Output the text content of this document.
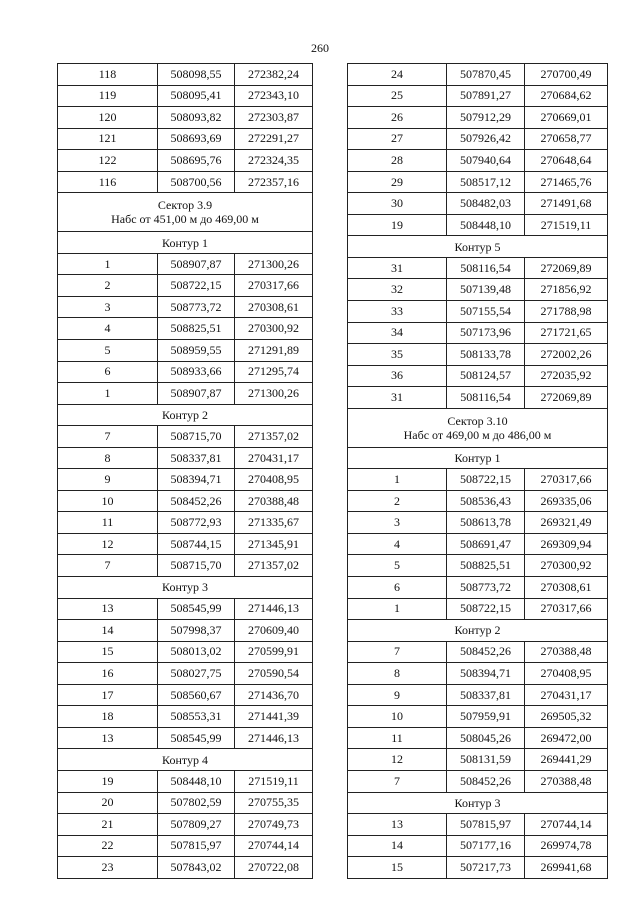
260
118	508098,55	272382,24
119	508095,41	272343,10
120	508093,82	272303,87
121	508693,69	272291,27
122	508695,76	272324,35
116	508700,56	272357,16

Сектор 3.9
Набс от 451,00 м до 469,00 м		

Контур 1		
1	508907,87	271300,26
2	508722,15	270317,66
3	508773,72	270308,61
4	508825,51	270300,92
5	508959,55	271291,89
6	508933,66	271295,74
1	508907,87	271300,26
Контур 2		
7	508715,70	271357,02
8	508337,81	270431,17
9	508394,71	270408,95
10	508452,26	270388,48
11	508772,93	271335,67
12	508744,15	271345,91
7	508715,70	271357,02
Контур 3		
13	508545,99	271446,13
14	507998,37	270609,40
15	508013,02	270599,91
16	508027,75	270590,54
17	508560,67	271436,70
18	508553,31	271441,39
13	508545,99	271446,13
Контур 4		
19	508448,10	271519,11
20	507802,59	270755,35
21	507809,27	270749,73
22	507815,97	270744,14
23	507843,02	270722,08
24	507870,45	270700,49
25	507891,27	270684,62
26	507912,29	270669,01
27	507926,42	270658,77
28	507940,64	270648,64
29	508517,12	271465,76
30	508482,03	271491,68
19	508448,10	271519,11
Контур 5		
31	508116,54	272069,89
32	507139,48	271856,92
33	507155,54	271788,98
34	507173,96	271721,65
35	508133,78	272002,26
36	508124,57	272035,92
31	508116,54	272069,89

Сектор 3.10
Набс от 469,00 м до 486,00 м		

Контур 1		
1	508722,15	270317,66
2	508536,43	269335,06
3	508613,78	269321,49
4	508691,47	269309,94
5	508825,51	270300,92
6	508773,72	270308,61
1	508722,15	270317,66
Контур 2		
7	508452,26	270388,48
8	508394,71	270408,95
9	508337,81	270431,17
10	507959,91	269505,32
11	508045,26	269472,00
12	508131,59	269441,29
7	508452,26	270388,48
Контур 3		
13	507815,97	270744,14
14	507177,16	269974,78
15	507217,73	269941,68
